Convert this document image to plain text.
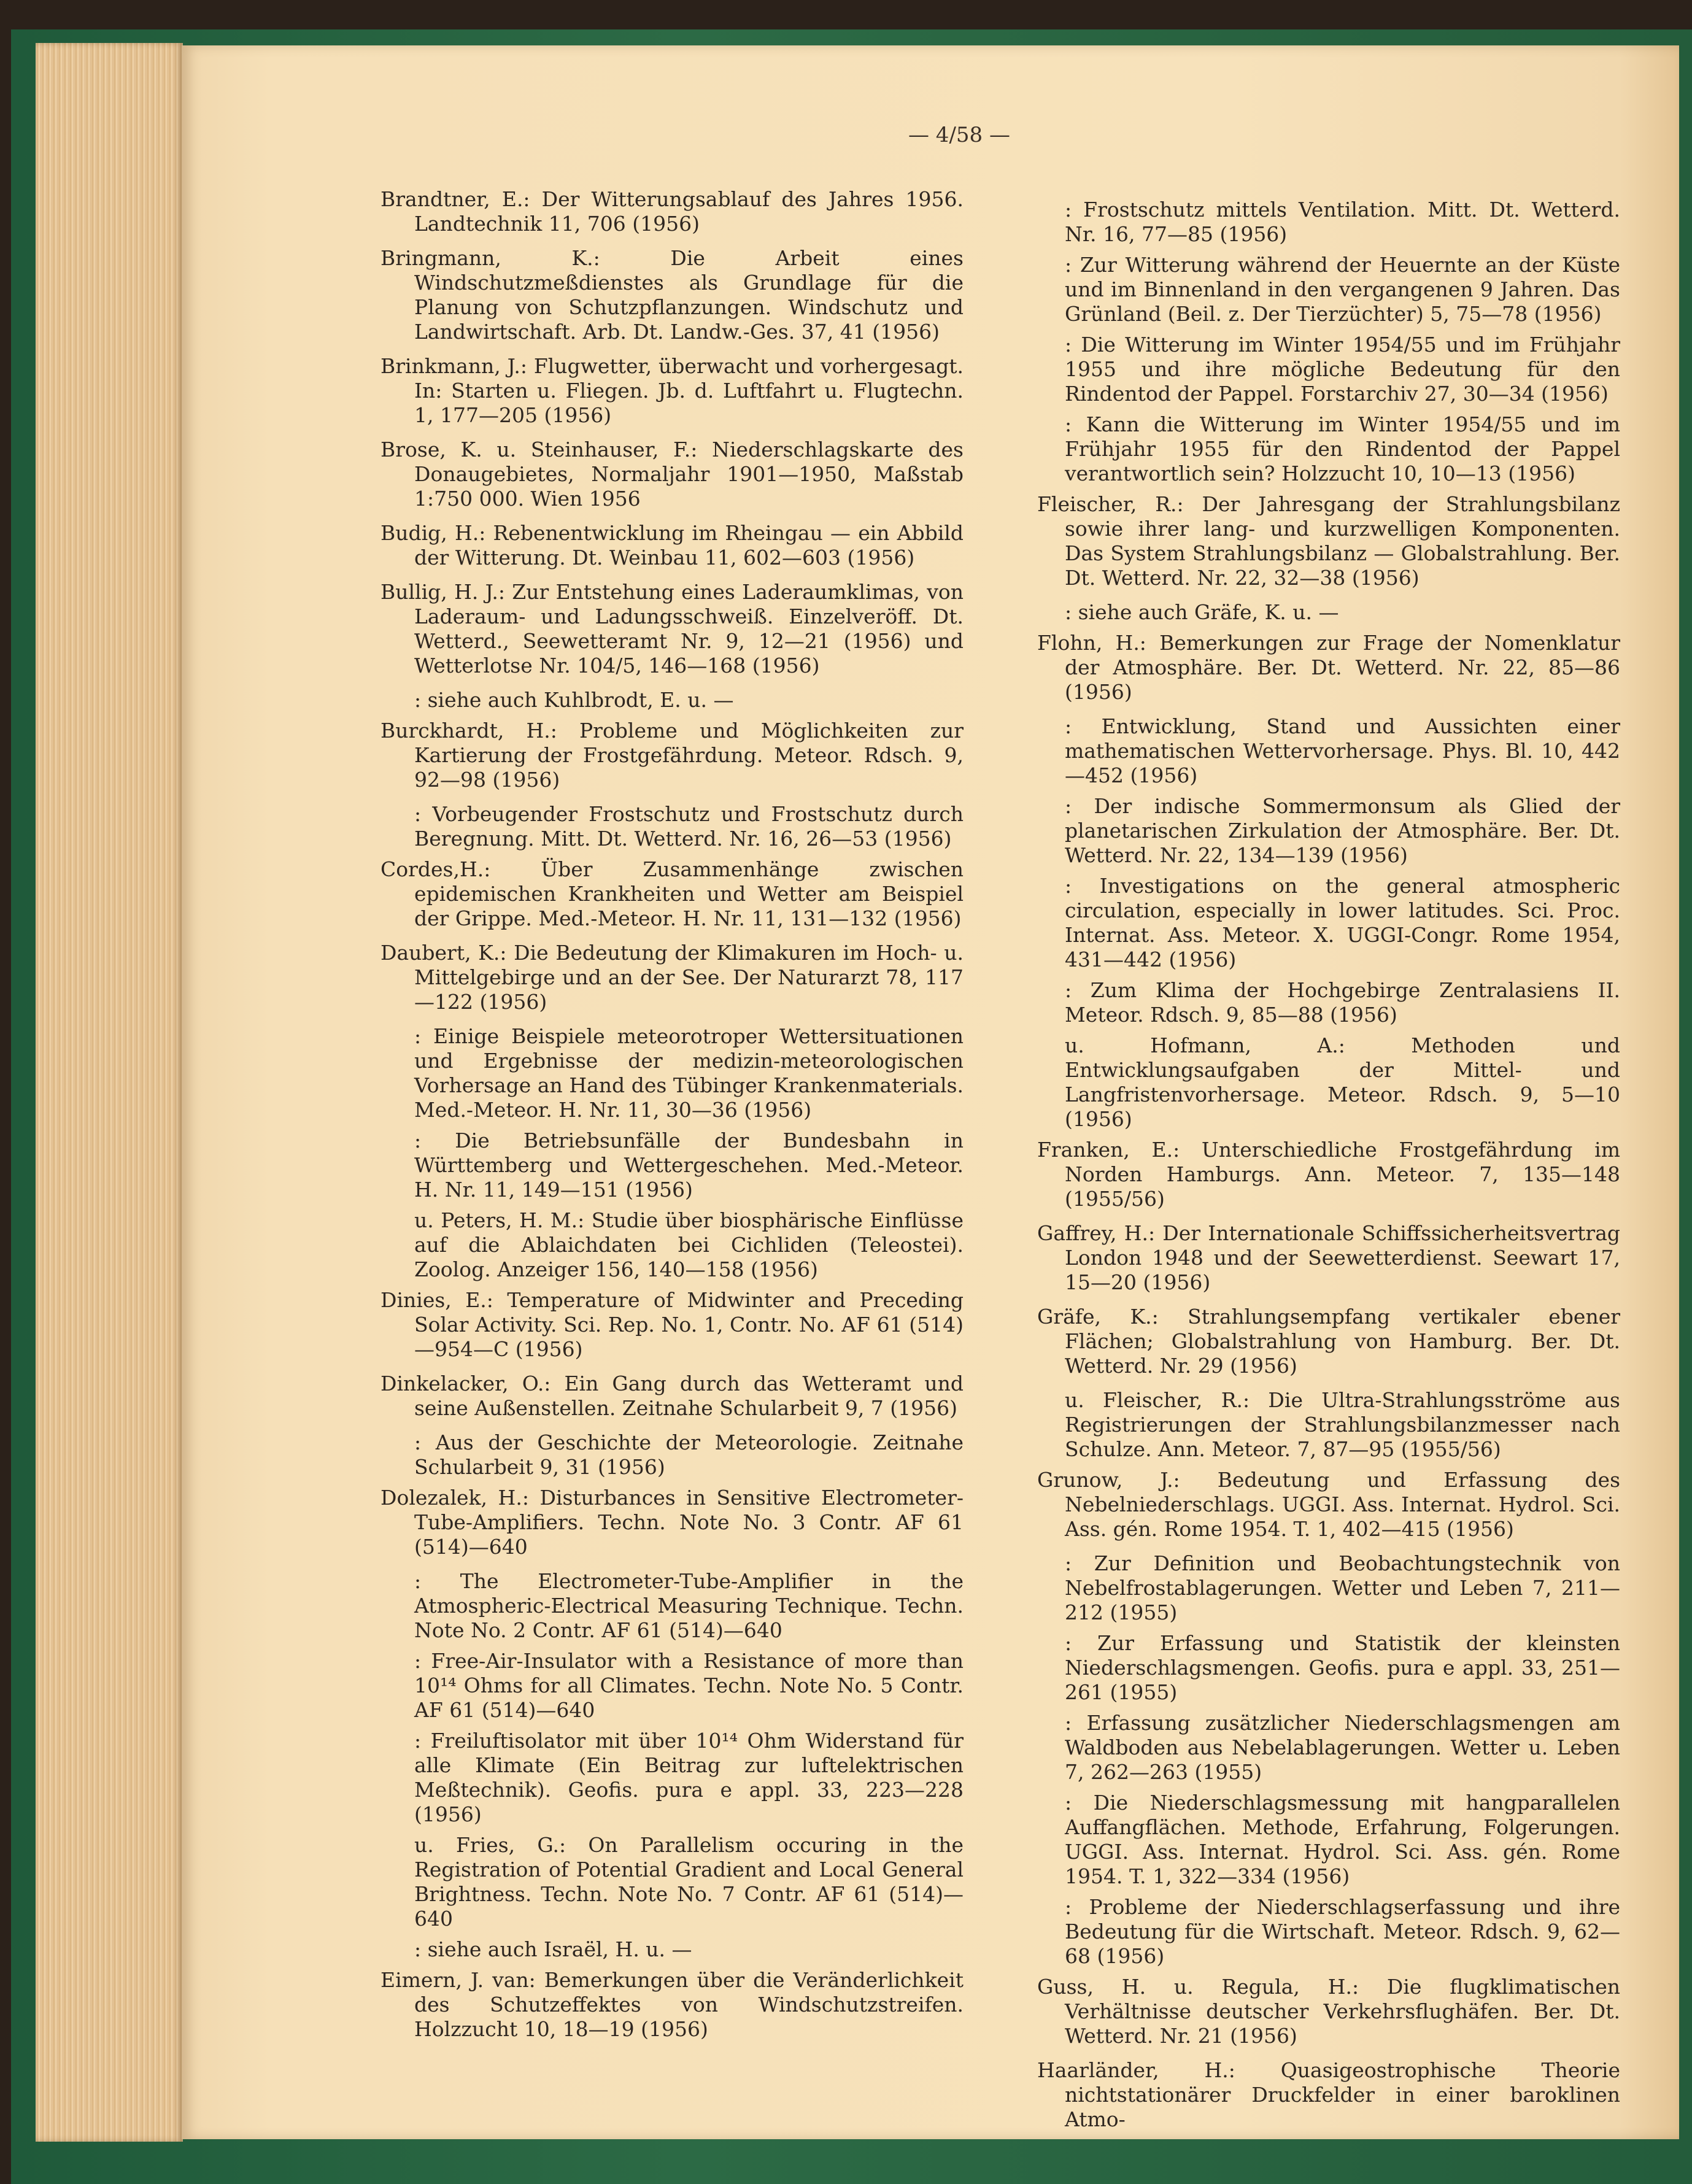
— 4/58 —

Brandtner, E.: Der Witterungsablauf des Jahres 1956. Landtechnik 11, 706 (1956)

Bringmann, K.: Die Arbeit eines Windschutzmeßdienstes als Grundlage für die Planung von Schutzpflanzungen. Windschutz und Landwirtschaft. Arb. Dt. Landw.-Ges. 37, 41 (1956)

Brinkmann, J.: Flugwetter, überwacht und vorhergesagt. In: Starten u. Fliegen. Jb. d. Luftfahrt u. Flugtechn. 1, 177—205 (1956)

Brose, K. u. Steinhauser, F.: Niederschlagskarte des Donaugebietes, Normaljahr 1901—1950, Maßstab 1:750 000. Wien 1956

Budig, H.: Rebenentwicklung im Rheingau — ein Abbild der Witterung. Dt. Weinbau 11, 602—603 (1956)

Bullig, H. J.: Zur Entstehung eines Laderaumklimas, von Laderaum- und Ladungsschweiß. Einzelveröff. Dt. Wetterd., Seewetteramt Nr. 9, 12—21 (1956) und Wetterlotse Nr. 104/5, 146—168 (1956)

: siehe auch Kuhlbrodt, E. u. —

Burckhardt, H.: Probleme und Möglichkeiten zur Kartierung der Frostgefährdung. Meteor. Rdsch. 9, 92—98 (1956)

: Vorbeugender Frostschutz und Frostschutz durch Beregnung. Mitt. Dt. Wetterd. Nr. 16, 26—53 (1956)

Cordes,H.: Über Zusammenhänge zwischen epidemischen Krankheiten und Wetter am Beispiel der Grippe. Med.-Meteor. H. Nr. 11, 131—132 (1956)

Daubert, K.: Die Bedeutung der Klimakuren im Hoch- u. Mittelgebirge und an der See. Der Naturarzt 78, 117—122 (1956)

: Einige Beispiele meteorotroper Wettersituationen und Ergebnisse der medizin-meteorologischen Vorhersage an Hand des Tübinger Krankenmaterials. Med.-Meteor. H. Nr. 11, 30—36 (1956)

: Die Betriebsunfälle der Bundesbahn in Württemberg und Wettergeschehen. Med.-Meteor. H. Nr. 11, 149—151 (1956)

u. Peters, H. M.: Studie über biosphärische Einflüsse auf die Ablaichdaten bei Cichliden (Teleostei). Zoolog. Anzeiger 156, 140—158 (1956)

Dinies, E.: Temperature of Midwinter and Preceding Solar Activity. Sci. Rep. No. 1, Contr. No. AF 61 (514)—954—C (1956)

Dinkelacker, O.: Ein Gang durch das Wetteramt und seine Außenstellen. Zeitnahe Schularbeit 9, 7 (1956)

: Aus der Geschichte der Meteorologie. Zeitnahe Schularbeit 9, 31 (1956)

Dolezalek, H.: Disturbances in Sensitive Electrometer-Tube-Amplifiers. Techn. Note No. 3 Contr. AF 61 (514)—640

: The Electrometer-Tube-Amplifier in the Atmospheric-Electrical Measuring Technique. Techn. Note No. 2 Contr. AF 61 (514)—640

: Free-Air-Insulator with a Resistance of more than 10¹⁴ Ohms for all Climates. Techn. Note No. 5 Contr. AF 61 (514)—640

: Freiluftisolator mit über 10¹⁴ Ohm Widerstand für alle Klimate (Ein Beitrag zur luftelektrischen Meßtechnik). Geofis. pura e appl. 33, 223—228 (1956)

u. Fries, G.: On Parallelism occuring in the Registration of Potential Gradient and Local General Brightness. Techn. Note No. 7 Contr. AF 61 (514)—640

: siehe auch Israël, H. u. —

Eimern, J. van: Bemerkungen über die Veränderlichkeit des Schutzeffektes von Windschutzstreifen. Holzzucht 10, 18—19 (1956)

: Frostschutz mittels Ventilation. Mitt. Dt. Wetterd. Nr. 16, 77—85 (1956)

: Zur Witterung während der Heuernte an der Küste und im Binnenland in den vergangenen 9 Jahren. Das Grünland (Beil. z. Der Tierzüchter) 5, 75—78 (1956)

: Die Witterung im Winter 1954/55 und im Frühjahr 1955 und ihre mögliche Bedeutung für den Rindentod der Pappel. Forstarchiv 27, 30—34 (1956)

: Kann die Witterung im Winter 1954/55 und im Frühjahr 1955 für den Rindentod der Pappel verantwortlich sein? Holzzucht 10, 10—13 (1956)

Fleischer, R.: Der Jahresgang der Strahlungsbilanz sowie ihrer lang- und kurzwelligen Komponenten. Das System Strahlungsbilanz — Globalstrahlung. Ber. Dt. Wetterd. Nr. 22, 32—38 (1956)

: siehe auch Gräfe, K. u. —

Flohn, H.: Bemerkungen zur Frage der Nomenklatur der Atmosphäre. Ber. Dt. Wetterd. Nr. 22, 85—86 (1956)

: Entwicklung, Stand und Aussichten einer mathematischen Wettervorhersage. Phys. Bl. 10, 442—452 (1956)

: Der indische Sommermonsum als Glied der planetarischen Zirkulation der Atmosphäre. Ber. Dt. Wetterd. Nr. 22, 134—139 (1956)

: Investigations on the general atmospheric circulation, especially in lower latitudes. Sci. Proc. Internat. Ass. Meteor. X. UGGI-Congr. Rome 1954, 431—442 (1956)

: Zum Klima der Hochgebirge Zentralasiens II. Meteor. Rdsch. 9, 85—88 (1956)

u. Hofmann, A.: Methoden und Entwicklungsaufgaben der Mittel- und Langfristenvorhersage. Meteor. Rdsch. 9, 5—10 (1956)

Franken, E.: Unterschiedliche Frostgefährdung im Norden Hamburgs. Ann. Meteor. 7, 135—148 (1955/56)

Gaffrey, H.: Der Internationale Schiffssicherheitsvertrag London 1948 und der Seewetterdienst. Seewart 17, 15—20 (1956)

Gräfe, K.: Strahlungsempfang vertikaler ebener Flächen; Globalstrahlung von Hamburg. Ber. Dt. Wetterd. Nr. 29 (1956)

u. Fleischer, R.: Die Ultra-Strahlungsströme aus Registrierungen der Strahlungsbilanzmesser nach Schulze. Ann. Meteor. 7, 87—95 (1955/56)

Grunow, J.: Bedeutung und Erfassung des Nebelniederschlags. UGGI. Ass. Internat. Hydrol. Sci. Ass. gén. Rome 1954. T. 1, 402—415 (1956)

: Zur Definition und Beobachtungstechnik von Nebelfrostablagerungen. Wetter und Leben 7, 211—212 (1955)

: Zur Erfassung und Statistik der kleinsten Niederschlagsmengen. Geofis. pura e appl. 33, 251—261 (1955)

: Erfassung zusätzlicher Niederschlagsmengen am Waldboden aus Nebelablagerungen. Wetter u. Leben 7, 262—263 (1955)

: Die Niederschlagsmessung mit hangparallelen Auffangflächen. Methode, Erfahrung, Folgerungen. UGGI. Ass. Internat. Hydrol. Sci. Ass. gén. Rome 1954. T. 1, 322—334 (1956)

: Probleme der Niederschlagserfassung und ihre Bedeutung für die Wirtschaft. Meteor. Rdsch. 9, 62—68 (1956)

Guss, H. u. Regula, H.: Die flugklimatischen Verhältnisse deutscher Verkehrsflughäfen. Ber. Dt. Wetterd. Nr. 21 (1956)

Haarländer, H.: Quasigeostrophische Theorie nichtstationärer Druckfelder in einer baroklinen Atmo-
